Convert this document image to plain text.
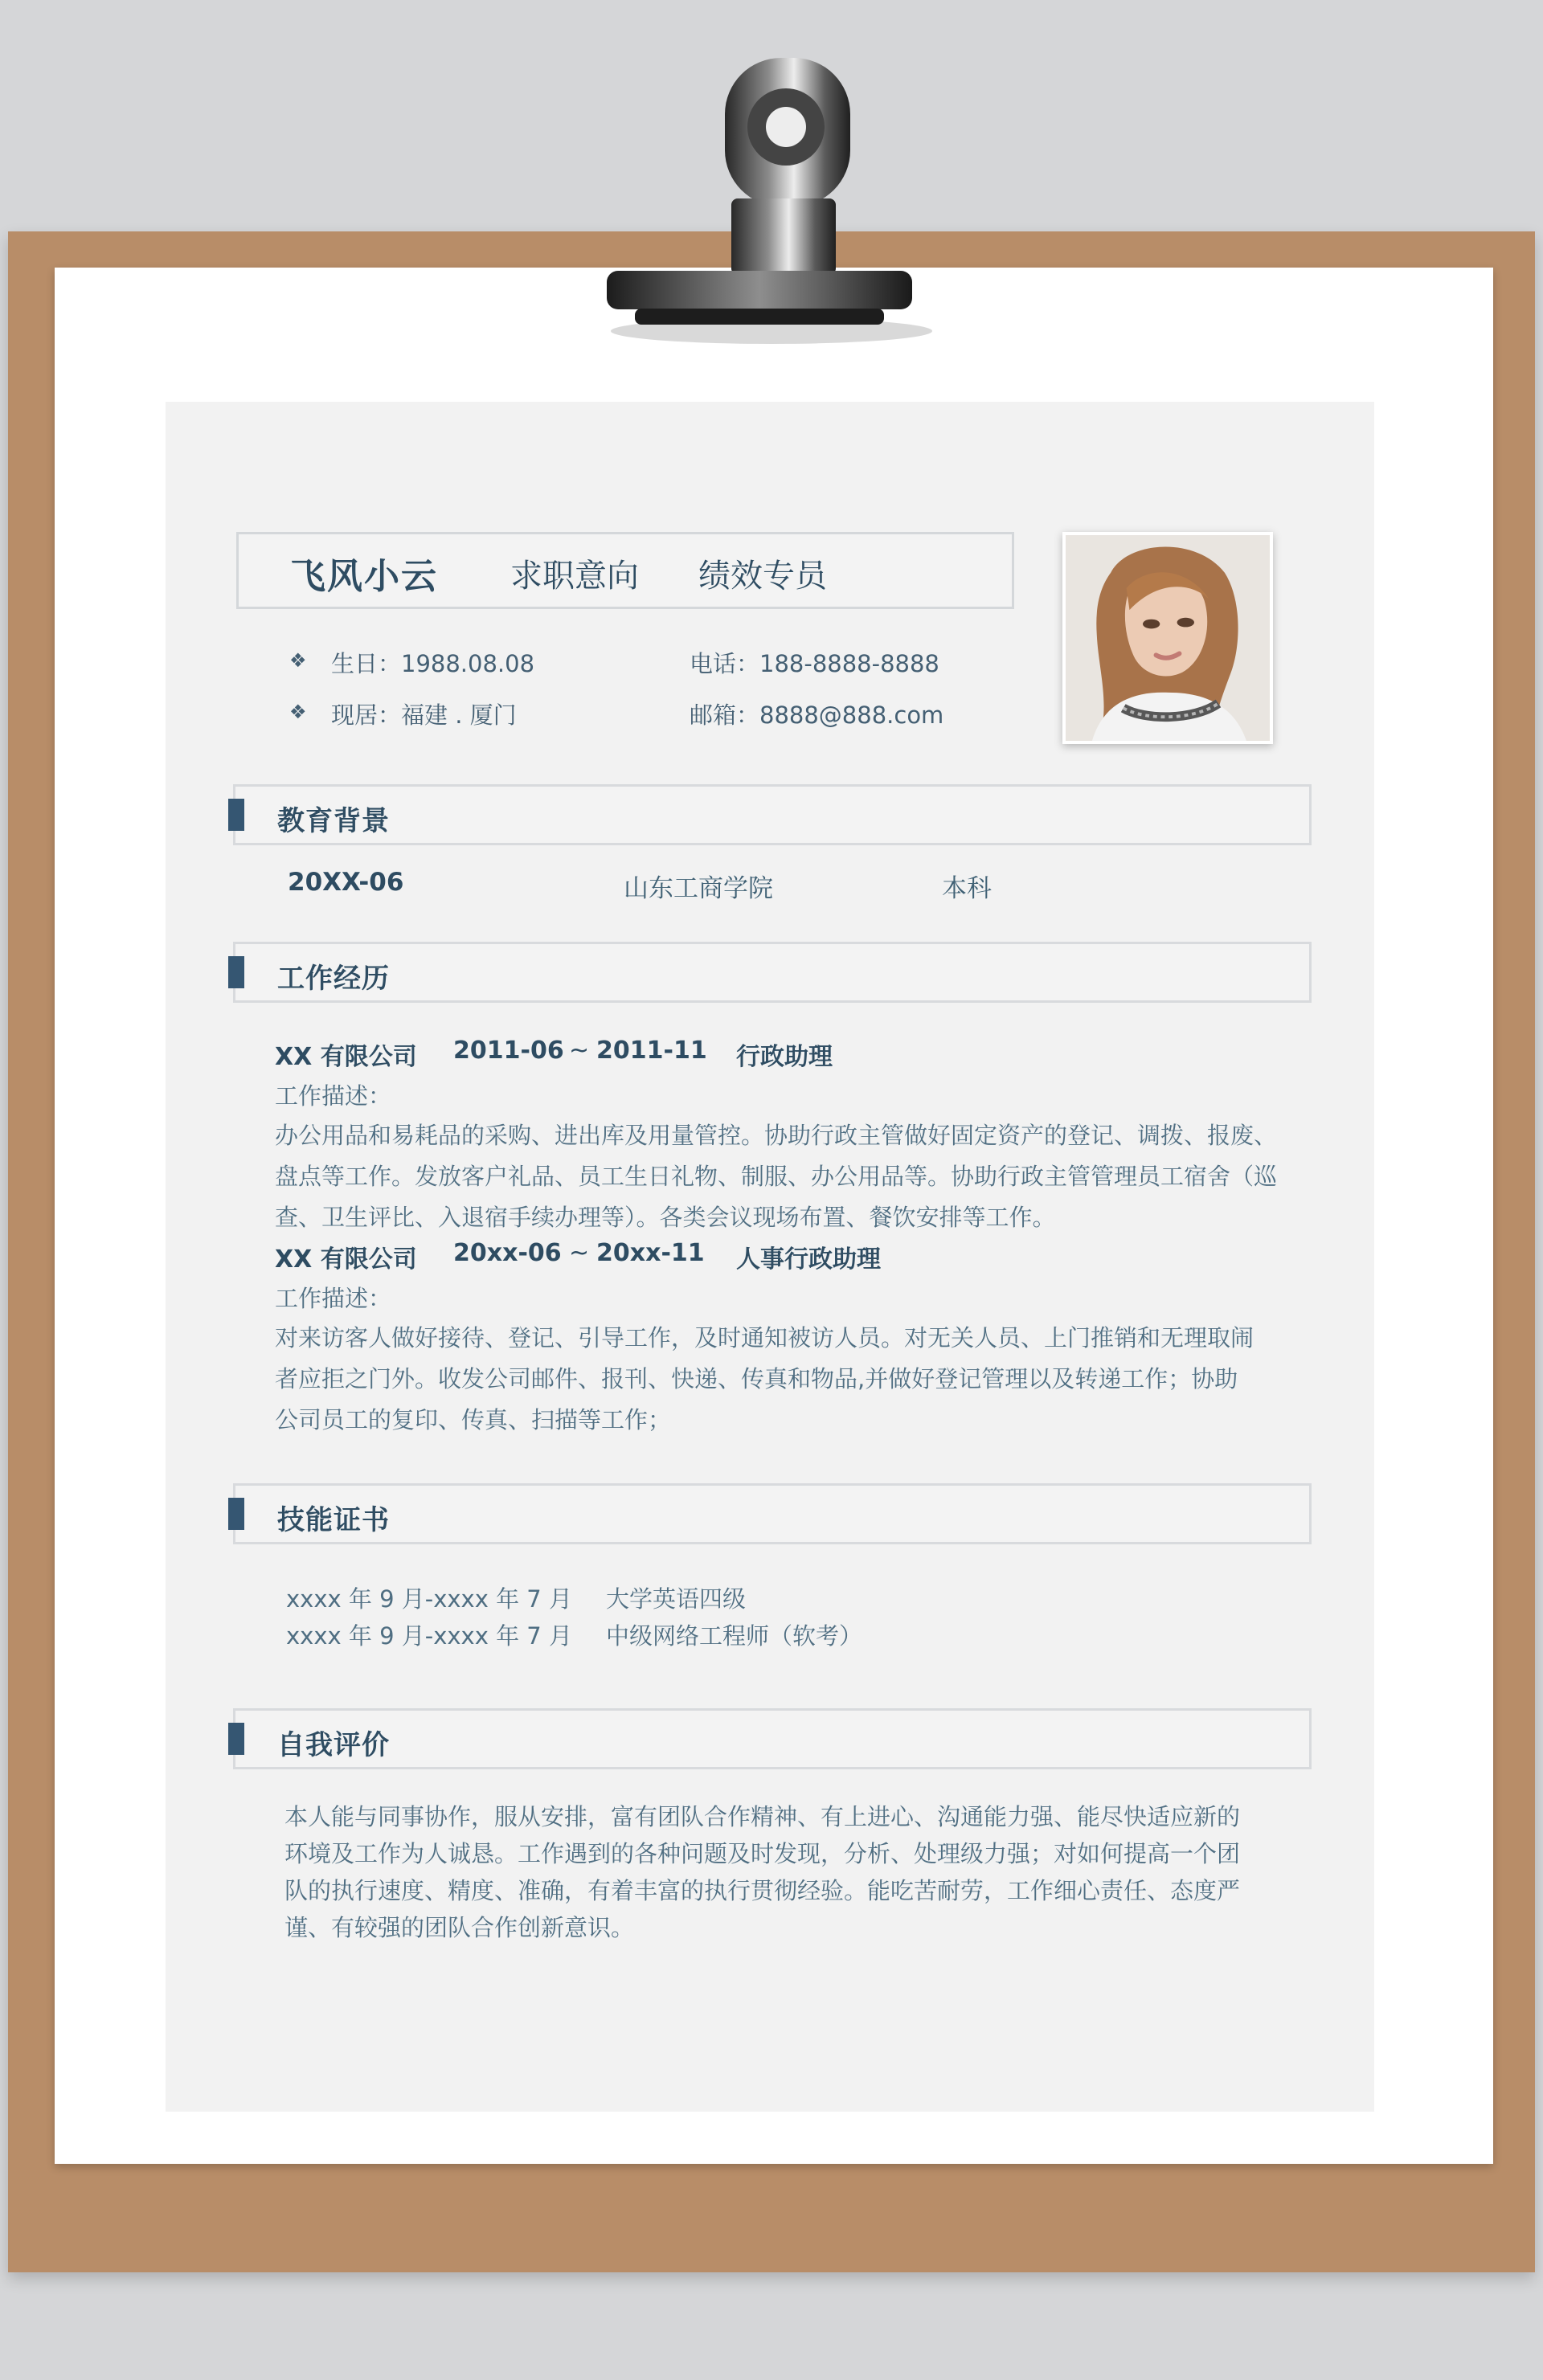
飞风小云 求职意向 绩效专员
❖ 生日：1988.08.08
❖ 现居：福建 . 厦门
电话：188-8888-8888
邮箱：8888@888.com
教育背景
20XX-06	山东工商学院	本科
工作经历
XX 有限公司 2011-06 ~ 2011-11 行政助理
工作描述：
办公用品和易耗品的采购、进出库及用量管控。协助行政主管做好固定资产的登记、调拨、报废、
盘点等工作。发放客户礼品、员工生日礼物、制服、办公用品等。协助行政主管管理员工宿舍（巡
查、卫生评比、入退宿手续办理等）。各类会议现场布置、餐饮安排等工作。
XX 有限公司 20xx-06 ~ 20xx-11 人事行政助理
工作描述：
对来访客人做好接待、登记、引导工作，及时通知被访人员。对无关人员、上门推销和无理取闹
者应拒之门外。收发公司邮件、报刊、快递、传真和物品,并做好登记管理以及转递工作；协助
公司员工的复印、传真、扫描等工作；
技能证书
xxxx 年 9 月-xxxx 年 7 月 大学英语四级
xxxx 年 9 月-xxxx 年 7 月 中级网络工程师（软考）
自我评价
本人能与同事协作，服从安排，富有团队合作精神、有上进心、沟通能力强、能尽快适应新的
环境及工作为人诚恳。工作遇到的各种问题及时发现，分析、处理级力强；对如何提高一个团
队的执行速度、精度、准确，有着丰富的执行贯彻经验。能吃苦耐劳，工作细心责任、态度严
谨、有较强的团队合作创新意识。
